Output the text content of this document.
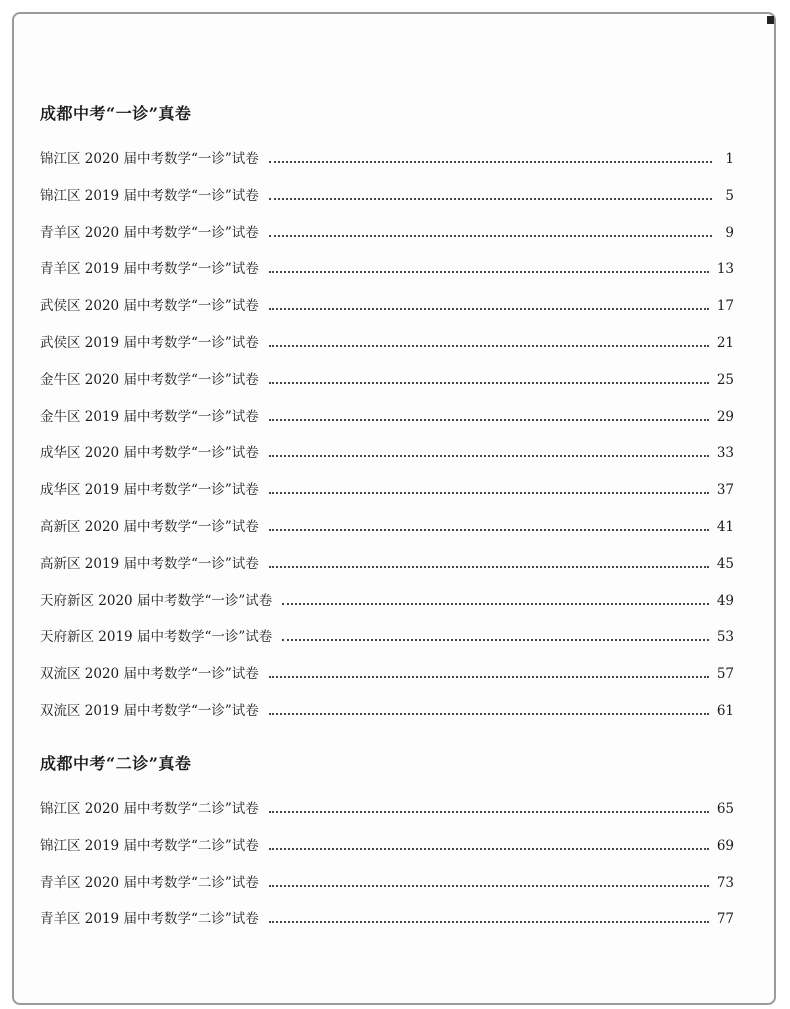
成都中考“一诊”真卷
锦江区 2020 届中考数学“一诊”试卷	1
锦江区 2019 届中考数学“一诊”试卷	5
青羊区 2020 届中考数学“一诊”试卷	9
青羊区 2019 届中考数学“一诊”试卷	13
武侯区 2020 届中考数学“一诊”试卷	17
武侯区 2019 届中考数学“一诊”试卷	21
金牛区 2020 届中考数学“一诊”试卷	25
金牛区 2019 届中考数学“一诊”试卷	29
成华区 2020 届中考数学“一诊”试卷	33
成华区 2019 届中考数学“一诊”试卷	37
高新区 2020 届中考数学“一诊”试卷	41
高新区 2019 届中考数学“一诊”试卷	45
天府新区 2020 届中考数学“一诊”试卷	49
天府新区 2019 届中考数学“一诊”试卷	53
双流区 2020 届中考数学“一诊”试卷	57
双流区 2019 届中考数学“一诊”试卷	61
成都中考“二诊”真卷
锦江区 2020 届中考数学“二诊”试卷	65
锦江区 2019 届中考数学“二诊”试卷	69
青羊区 2020 届中考数学“二诊”试卷	73
青羊区 2019 届中考数学“二诊”试卷	77
